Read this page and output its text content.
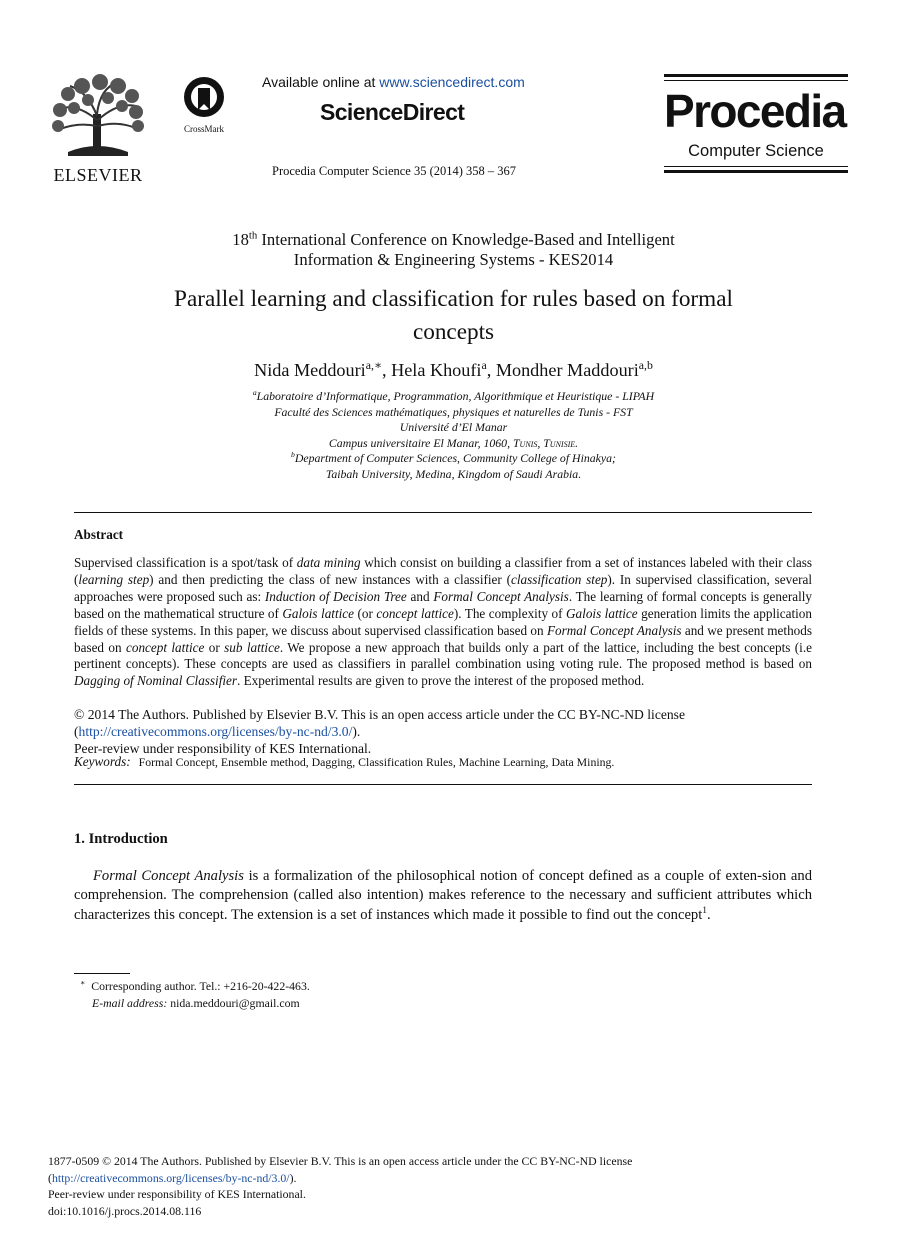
ELSEVIER
CrossMark
Available online at www.sciencedirect.com
ScienceDirect
Procedia Computer Science 35 (2014) 358 – 367
Procedia
Computer Science
18th International Conference on Knowledge-Based and Intelligent
Information & Engineering Systems - KES2014
Parallel learning and classification for rules based on formal
concepts
Nida Meddouri$^{a,∗}$, Hela Khoufi$^a$, Mondher Maddouri$^{a,b}$
$^a$Laboratoire d’Informatique, Programmation, Algorithmique et Heuristique - LIPAH
Faculté des Sciences mathématiques, physiques et naturelles de Tunis - FST
Université d’El Manar
Campus universitaire El Manar, 1060, Tunis, Tunisie.
$^b$Department of Computer Sciences, Community College of Hinakya;
Taibah University, Medina, Kingdom of Saudi Arabia.
Abstract
Supervised classification is a spot/task of data mining which consist on building a classifier from a set of instances labeled with their class (learning step) and then predicting the class of new instances with a classifier (classification step). In supervised classification, several approaches were proposed such as: Induction of Decision Tree and Formal Concept Analysis. The learning of formal concepts is generally based on the mathematical structure of Galois lattice (or concept lattice). The complexity of Galois lattice generation limits the application fields of these systems. In this paper, we discuss about supervised classification based on Formal Concept Analysis and we present methods based on concept lattice or sub lattice. We propose a new approach that builds only a part of the lattice, including the best concepts (i.e pertinent concepts). These concepts are used as classifiers in parallel combination using voting rule. The proposed method is based on Dagging of Nominal Classifier. Experimental results are given to prove the interest of the proposed method.
© 2014 The Authors. Published by Elsevier B.V. This is an open access article under the CC BY-NC-ND license
(http://creativecommons.org/licenses/by-nc-nd/3.0/).
Peer-review under responsibility of KES International.
Keywords: Formal Concept, Ensemble method, Dagging, Classification Rules, Machine Learning, Data Mining.
1. Introduction
Formal Concept Analysis is a formalization of the philosophical notion of concept defined as a couple of exten-sion and comprehension. The comprehension (called also intention) makes reference to the necessary and sufficient attributes which characterizes this concept. The extension is a set of instances which made it possible to find out the concept$^1$.
∗ Corresponding author. Tel.: +216-20-422-463.
E-mail address: nida.meddouri@gmail.com
1877-0509 © 2014 The Authors. Published by Elsevier B.V. This is an open access article under the CC BY-NC-ND license
(http://creativecommons.org/licenses/by-nc-nd/3.0/).
Peer-review under responsibility of KES International.
doi:10.1016/j.procs.2014.08.116
